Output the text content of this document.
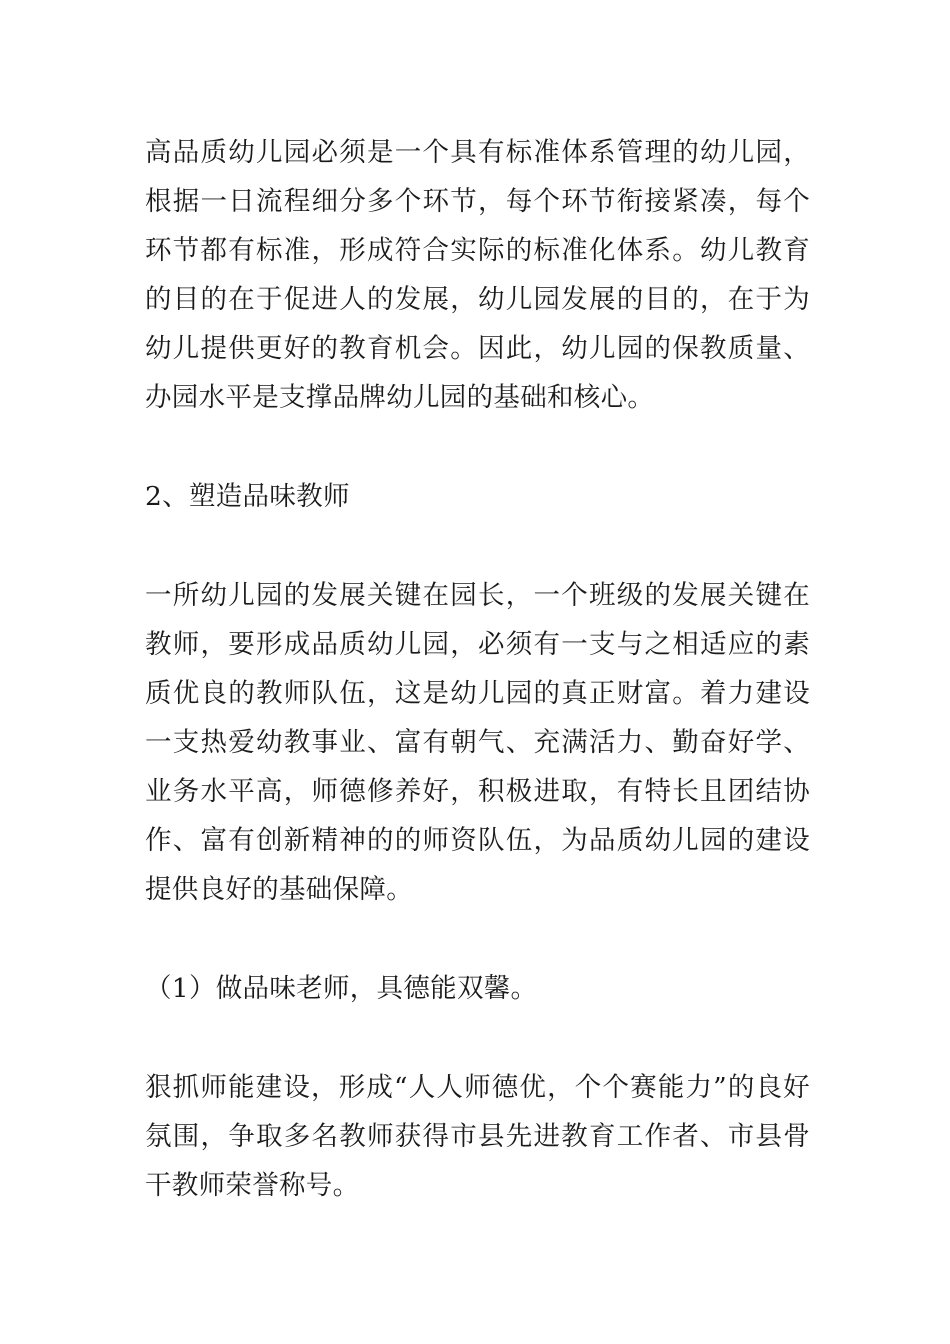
高品质幼儿园必须是一个具有标准体系管理的幼儿园，根据一日流程细分多个环节，每个环节衔接紧凑，每个环节都有标准，形成符合实际的标准化体系。幼儿教育的目的在于促进人的发展，幼儿园发展的目的，在于为幼儿提供更好的教育机会。因此，幼儿园的保教质量、办园水平是支撑品牌幼儿园的基础和核心。

2、塑造品味教师

一所幼儿园的发展关键在园长，一个班级的发展关键在教师，要形成品质幼儿园，必须有一支与之相适应的素质优良的教师队伍，这是幼儿园的真正财富。着力建设一支热爱幼教事业、富有朝气、充满活力、勤奋好学、业务水平高，师德修养好，积极进取，有特长且团结协作、富有创新精神的的师资队伍，为品质幼儿园的建设提供良好的基础保障。

（1）做品味老师，具德能双馨。

狠抓师能建设，形成“人人师德优，个个赛能力”的良好氛围，争取多名教师获得市县先进教育工作者、市县骨干教师荣誉称号。
